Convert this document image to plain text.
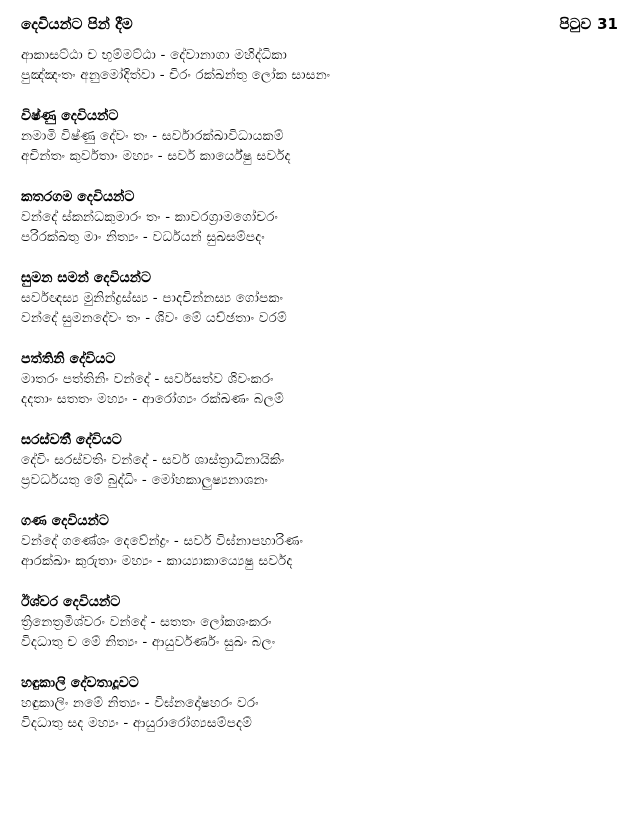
දෙවියන්ට පින් දීම	පිටුව 31
ආකාසට්ඨා ච භුම්මට්ඨා - දේවානාගා මහිද්ධිකා
පුඤ්ඤංතං අනුමෝදිත්වා - චිරං රක්ඛන්තු ලෝක සාසනං
විෂ්ණු දෙවියන්ට
නමාමි විෂ්ණු දේවං තං - සර්වාරක්ඛාවිධායකම්
අචින්තං කුර්වතාං මහ්‍යං - සර්ව කාර්යේෂු සර්වද
කතරගම දෙවියන්ට
වන්දේ ස්කන්ධකුමාරං තං - කාවරග්‍රාමගෝචරං
පරිරක්ඛතු මාං නිත්‍යං - වර්ධයන් සුඛසම්පදං
සුමන සමන් දෙවියන්ට
සර්වඥස්‍ය මුනින්ද්‍රස්ස්‍ය - පාදචින්නස්‍ය ගෝපකං
වන්දේ සුමනදේවං තං - ශිවං මේ යච්ඡතාං වරම්
පත්තිනි දේවියට
මාතරං පත්තිනිං වන්දේ - සර්වසත්ව ශිවංකරං
දදතාං සතතං මහ්‍යං - ආරෝග්‍යං රක්ඛණං බලම්
සරස්වතී දේවියට
දේවිං සරස්වතිං වන්දේ - සර්ව ශාස්ත්‍රාධිනායිකිං
ප්‍රවර්ධයතු මේ බුද්ධිං - මෝහකාලුෂ්‍යනාශනං
ගණ දෙවියන්ට
වන්දේ ගණේශං දෙවේන්ද්‍රං - සර්ව වි‍ඝ්නාපහාරිණං
ආරක්ඛාං කුරුතාං මහ්‍යං - කාය්‍යාකාය්‍යෙෂු සර්වද
ඊශ්වර දෙවියන්ට
ත්‍රිනෙත්‍රමීශ්වරං වන්දේ - සතතං ලෝකශංකරං
විදධාතු ච මේ නිත්‍යං - ආයුර්වර්ණං සුඛං බලං
හඳුකාලි දේවතාදූවට
හඳුකාලිං නමේ නිත්‍යං - වි‍ඝ්නදෝෂහරං වරං
විදධාතු සද මහ්‍යං - ආයුරාරෝග්‍යසම්පදම්
